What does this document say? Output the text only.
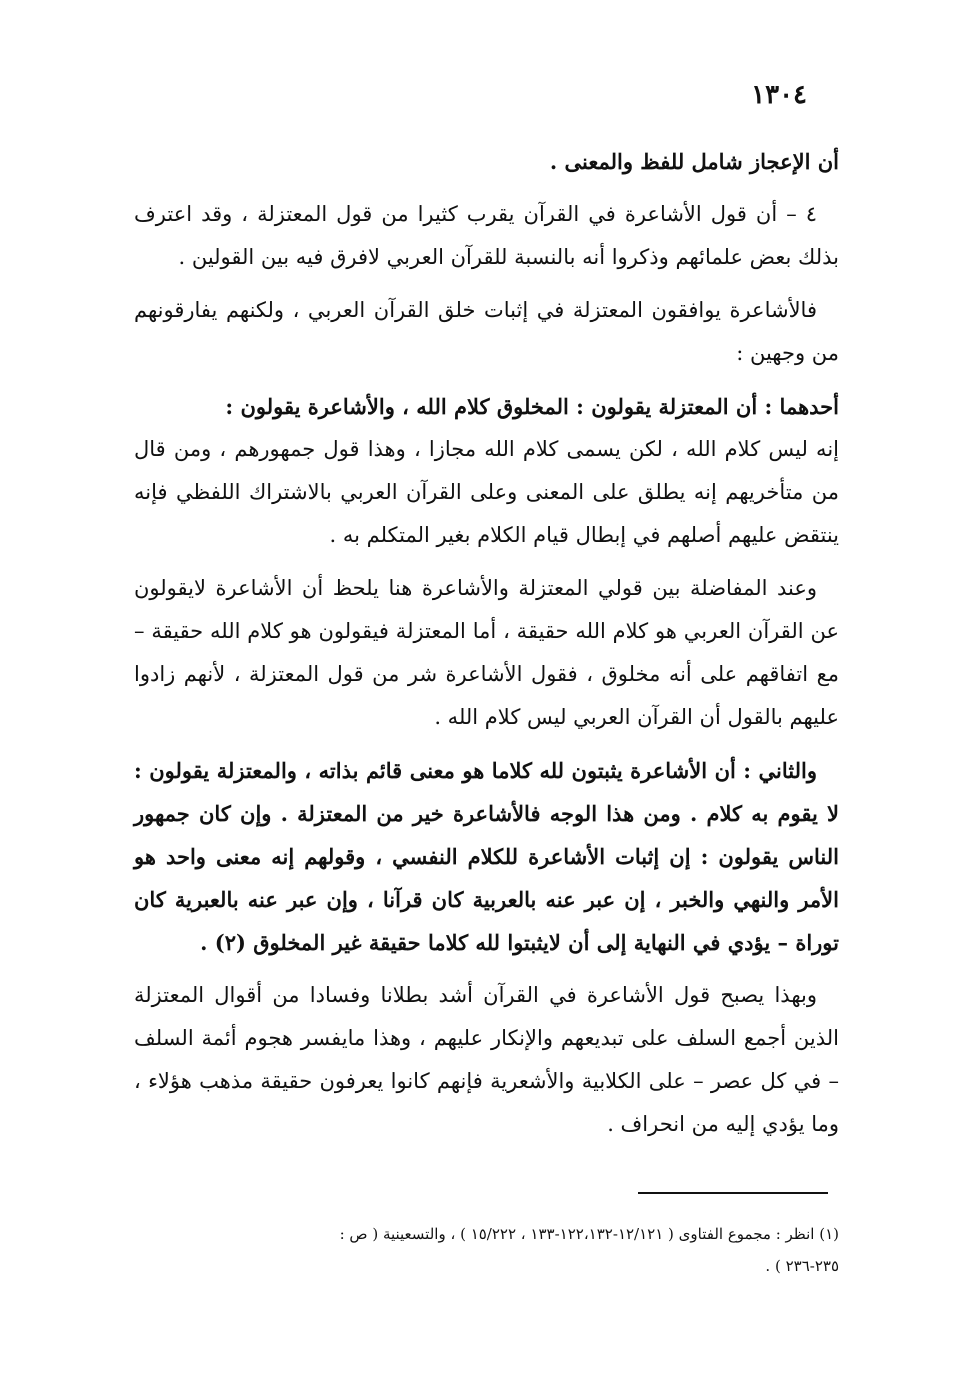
١٣٠٤

أن الإعجاز شامل للفظ والمعنى .

٤ – أن قول الأشاعرة في القرآن يقرب كثيرا من قول المعتزلة ، وقد اعترف بذلك بعض علمائهم وذكروا أنه بالنسبة للقرآن العربي لافرق فيه بين القولين .

فالأشاعرة يوافقون المعتزلة في إثبات خلق القرآن العربي ، ولكنهم يفارقونهم من وجهين :

أحدهما : أن المعتزلة يقولون : المخلوق كلام الله ، والأشاعرة يقولون :

إنه ليس كلام الله ، لكن يسمى كلام الله مجازا ، وهذا قول جمهورهم ، ومن قال من متأخريهم إنه يطلق على المعنى وعلى القرآن العربي بالاشتراك اللفظي فإنه ينتقض عليهم أصلهم في إبطال قيام الكلام بغير المتكلم به .

وعند المفاضلة بين قولي المعتزلة والأشاعرة هنا يلحظ أن الأشاعرة لايقولون عن القرآن العربي هو كلام الله حقيقة ، أما المعتزلة فيقولون هو كلام الله حقيقة – مع اتفاقهم على أنه مخلوق ، فقول الأشاعرة شر من قول المعتزلة ، لأنهم زادوا عليهم بالقول أن القرآن العربي ليس كلام الله .

والثاني : أن الأشاعرة يثبتون لله كلاما هو معنى قائم بذاته ، والمعتزلة يقولون : لا يقوم به كلام . ومن هذا الوجه فالأشاعرة خير من المعتزلة . وإن كان جمهور الناس يقولون : إن إثبات الأشاعرة للكلام النفسي ، وقولهم إنه معنى واحد هو الأمر والنهي والخبر ، إن عبر عنه بالعربية كان قرآنا ، وإن عبر عنه بالعبرية كان توراة – يؤدي في النهاية إلى أن لايثبتوا لله كلاما حقيقة غير المخلوق (٢) .

وبهذا يصبح قول الأشاعرة في القرآن أشد بطلانا وفسادا من أقوال المعتزلة الذين أجمع السلف على تبديعهم والإنكار عليهم ، وهذا مايفسر هجوم أئمة السلف – في كل عصر – على الكلابية والأشعرية فإنهم كانوا يعرفون حقيقة مذهب هؤلاء ، وما يؤدي إليه من انحراف .

(١) انظر : مجموع الفتاوى ( ١٢/١٢١-١٢٢،١٣٢-١٣٣ ، ١٥/٢٢٢ ) ، والتسعينية ( ص :
٢٣٥-٢٣٦ ) .
